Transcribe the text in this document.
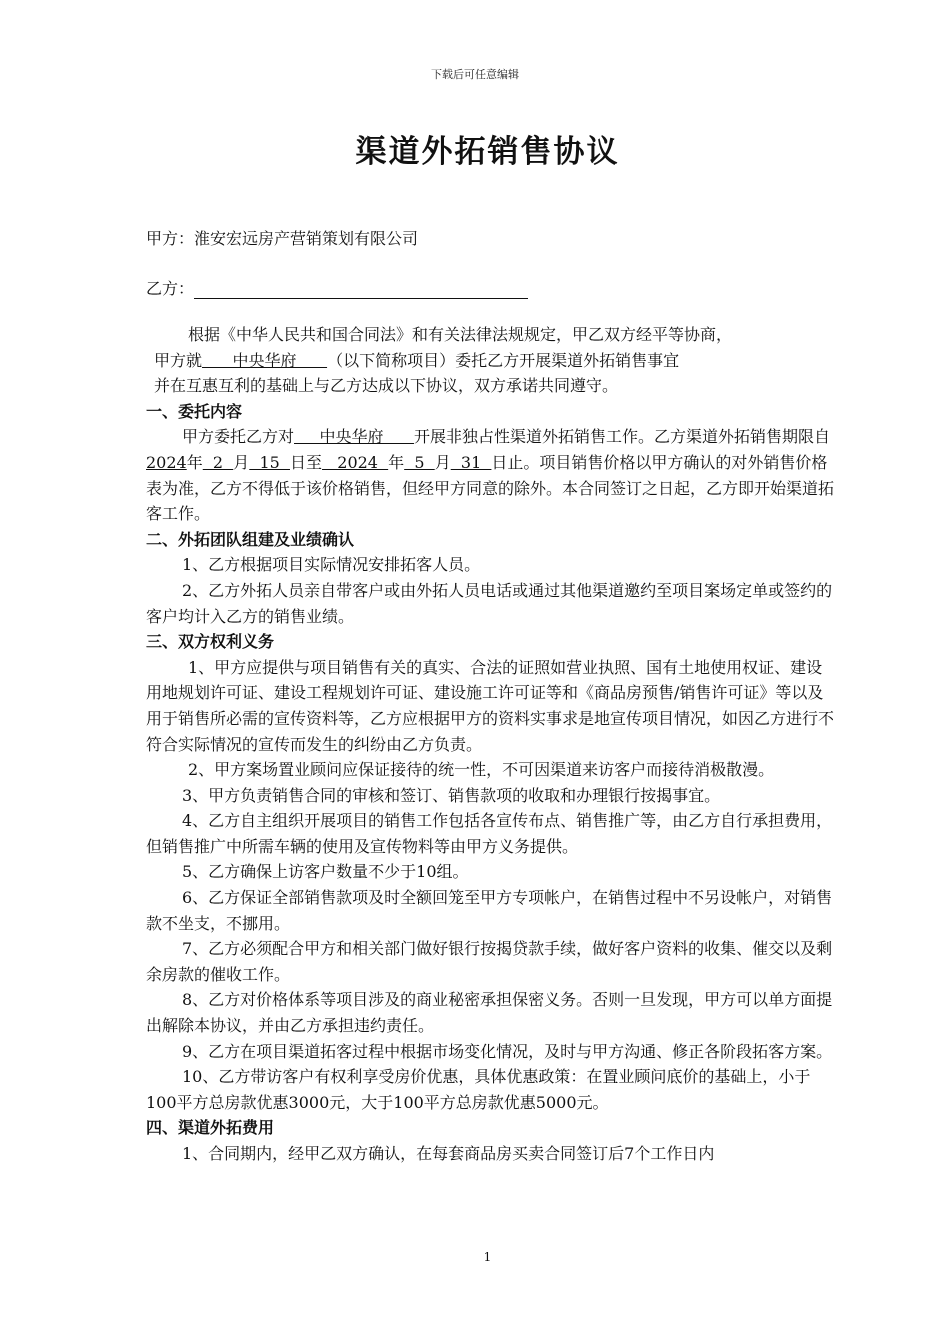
下载后可任意编辑
渠道外拓销售协议
甲方：淮安宏远房产营销策划有限公司
乙方：

根据《中华人民共和国合同法》和有关法律法规规定，甲乙双方经平等协商，

甲方就      中央华府      （以下简称项目）委托乙方开展渠道外拓销售事宜

并在互惠互利的基础上与乙方达成以下协议，双方承诺共同遵守。

一、委托内容

甲方委托乙方对     中央华府      开展非独占性渠道外拓销售工作。乙方渠道外拓销售期限自2024年  2  月  15  日至   2024  年  5  月  31  日止。项目销售价格以甲方确认的对外销售价格表为准，乙方不得低于该价格销售，但经甲方同意的除外。本合同签订之日起，乙方即开始渠道拓客工作。

二、外拓团队组建及业绩确认

1、乙方根据项目实际情况安排拓客人员。

2、乙方外拓人员亲自带客户或由外拓人员电话或通过其他渠道邀约至项目案场定单或签约的客户均计入乙方的销售业绩。

三、双方权利义务

1、甲方应提供与项目销售有关的真实、合法的证照如营业执照、国有土地使用权证、建设用地规划许可证、建设工程规划许可证、建设施工许可证等和《商品房预售/销售许可证》等以及用于销售所必需的宣传资料等，乙方应根据甲方的资料实事求是地宣传项目情况，如因乙方进行不符合实际情况的宣传而发生的纠纷由乙方负责。

2、甲方案场置业顾问应保证接待的统一性，不可因渠道来访客户而接待消极散漫。

3、甲方负责销售合同的审核和签订、销售款项的收取和办理银行按揭事宜。

4、乙方自主组织开展项目的销售工作包括各宣传布点、销售推广等，由乙方自行承担费用，但销售推广中所需车辆的使用及宣传物料等由甲方义务提供。

5、乙方确保上访客户数量不少于10组。

6、乙方保证全部销售款项及时全额回笼至甲方专项帐户，在销售过程中不另设帐户，对销售款不坐支，不挪用。

7、乙方必须配合甲方和相关部门做好银行按揭贷款手续，做好客户资料的收集、催交以及剩余房款的催收工作。

8、乙方对价格体系等项目涉及的商业秘密承担保密义务。否则一旦发现，甲方可以单方面提出解除本协议，并由乙方承担违约责任。

9、乙方在项目渠道拓客过程中根据市场变化情况，及时与甲方沟通、修正各阶段拓客方案。

10、乙方带访客户有权利享受房价优惠，具体优惠政策：在置业顾问底价的基础上，小于100平方总房款优惠3000元，大于100平方总房款优惠5000元。

四、渠道外拓费用

1、合同期内，经甲乙双方确认，在每套商品房买卖合同签订后7个工作日内

1
